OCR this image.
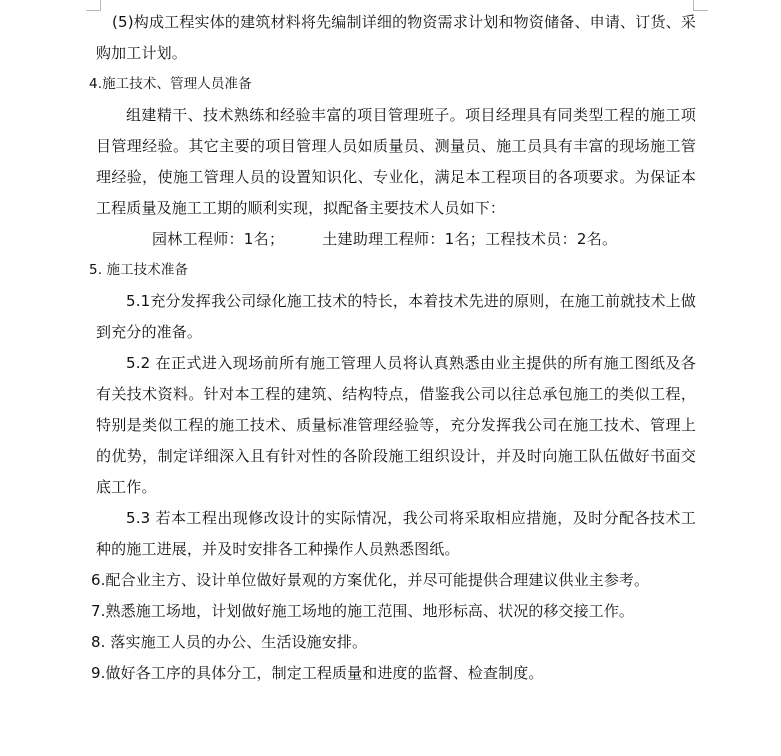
(5)构成工程实体的建筑材料将先编制详细的物资需求计划和物资储备、申请、订货、采购加工计划。

4.施工技术、管理人员准备

组建精干、技术熟练和经验丰富的项目管理班子。项目经理具有同类型工程的施工项目管理经验。其它主要的项目管理人员如质量员、测量员、施工员具有丰富的现场施工管理经验，使施工管理人员的设置知识化、专业化，满足本工程项目的各项要求。为保证本工程质量及施工工期的顺利实现，拟配备主要技术人员如下：

园林工程师：1名；	土建助理工程师：1名；工程技术员：2名。

5. 施工技术准备

5.1充分发挥我公司绿化施工技术的特长，本着技术先进的原则，在施工前就技术上做到充分的准备。

5.2 在正式进入现场前所有施工管理人员将认真熟悉由业主提供的所有施工图纸及各有关技术资料。针对本工程的建筑、结构特点，借鉴我公司以往总承包施工的类似工程，特别是类似工程的施工技术、质量标准管理经验等，充分发挥我公司在施工技术、管理上的优势，制定详细深入且有针对性的各阶段施工组织设计，并及时向施工队伍做好书面交底工作。

5.3 若本工程出现修改设计的实际情况，我公司将采取相应措施，及时分配各技术工种的施工进展，并及时安排各工种操作人员熟悉图纸。

6.配合业主方、设计单位做好景观的方案优化，并尽可能提供合理建议供业主参考。

7.熟悉施工场地，计划做好施工场地的施工范围、地形标高、状况的移交接工作。

8. 落实施工人员的办公、生活设施安排。

9.做好各工序的具体分工，制定工程质量和进度的监督、检查制度。
